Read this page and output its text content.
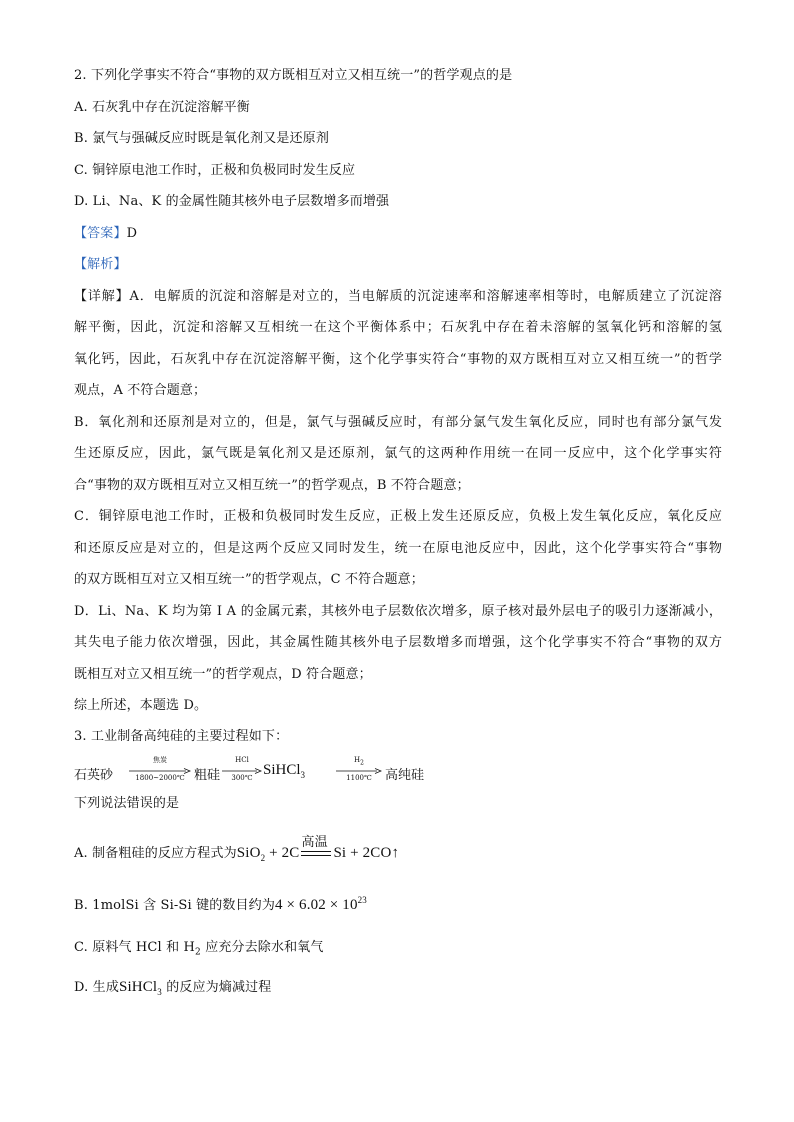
2. 下列化学事实不符合“事物的双方既相互对立又相互统一”的哲学观点的是
A. 石灰乳中存在沉淀溶解平衡
B. 氯气与强碱反应时既是氧化剂又是还原剂
C. 铜锌原电池工作时，正极和负极同时发生反应
D. Li、Na、K 的金属性随其核外电子层数增多而增强
【答案】D
【解析】
【详解】A．电解质的沉淀和溶解是对立的，当电解质的沉淀速率和溶解速率相等时，电解质建立了沉淀溶
解平衡，因此，沉淀和溶解又互相统一在这个平衡体系中；石灰乳中存在着未溶解的氢氧化钙和溶解的氢
氧化钙，因此，石灰乳中存在沉淀溶解平衡，这个化学事实符合“事物的双方既相互对立又相互统一”的哲学
观点，A 不符合题意；
B．氧化剂和还原剂是对立的，但是，氯气与强碱反应时，有部分氯气发生氧化反应，同时也有部分氯气发
生还原反应，因此，氯气既是氧化剂又是还原剂，氯气的这两种作用统一在同一反应中，这个化学事实符
合“事物的双方既相互对立又相互统一”的哲学观点，B 不符合题意；
C．铜锌原电池工作时，正极和负极同时发生反应，正极上发生还原反应，负极上发生氧化反应，氧化反应
和还原反应是对立的，但是这两个反应又同时发生，统一在原电池反应中，因此，这个化学事实符合“事物
的双方既相互对立又相互统一”的哲学观点，C 不符合题意；
D．Li、Na、K 均为第 I A 的金属元素，其核外电子层数依次增多，原子核对最外层电子的吸引力逐渐减小，
其失电子能力依次增强，因此，其金属性随其核外电子层数增多而增强，这个化学事实不符合“事物的双方
既相互对立又相互统一”的哲学观点，D 符合题意；
综上所述，本题选 D。
3. 工业制备高纯硅的主要过程如下：
石英砂
焦炭
1800~2000℃ 粗硅
HCl
300℃ SiHCl$_3$
$H_2$
1100℃	高纯硅
下列说法错误的是
A. 制备粗硅的反应方程式为SiO$_2$ + 2C
高温
Si + 2CO↑
B. 1molSi 含 Si-Si 键的数目约为$4 \times 6.02 \times 10^{23}$
C. 原料气 HCl 和 $H_2$ 应充分去除水和氧气
D. 生成SiHCl$_3$ 的反应为熵减过程
